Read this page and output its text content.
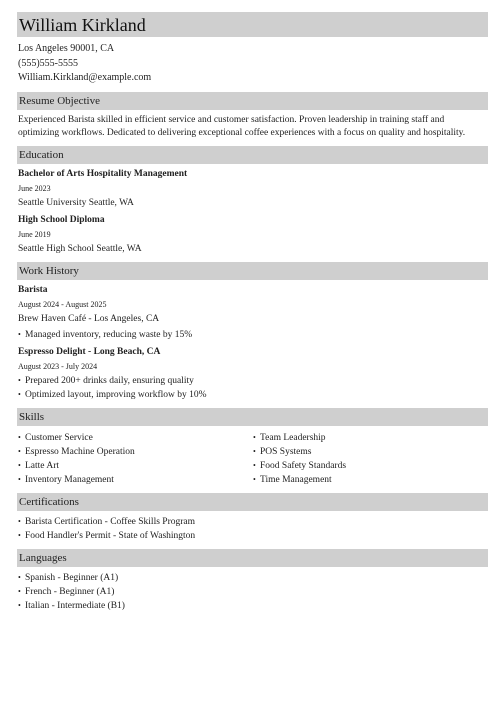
William Kirkland
Los Angeles 90001, CA
(555)555-5555
William.Kirkland@example.com
Resume Objective

Experienced Barista skilled in efficient service and customer satisfaction. Proven leadership in training staff and optimizing workflows. Dedicated to delivering exceptional coffee experiences with a focus on quality and hospitality.

Education
Bachelor of Arts Hospitality Management
June 2023
Seattle University Seattle, WA
High School Diploma
June 2019
Seattle High School Seattle, WA
Work History
Barista
August 2024 - August 2025
Brew Haven Café - Los Angeles, CA
• Managed inventory, reducing waste by 15%
Espresso Delight - Long Beach, CA
August 2023 - July 2024
• Prepared 200+ drinks daily, ensuring quality
• Optimized layout, improving workflow by 10%
Skills
• Customer Service
• Espresso Machine Operation
• Latte Art
• Inventory Management
• Team Leadership
• POS Systems
• Food Safety Standards
• Time Management
Certifications
• Barista Certification - Coffee Skills Program
• Food Handler's Permit - State of Washington
Languages
• Spanish - Beginner (A1)
• French - Beginner (A1)
• Italian - Intermediate (B1)
